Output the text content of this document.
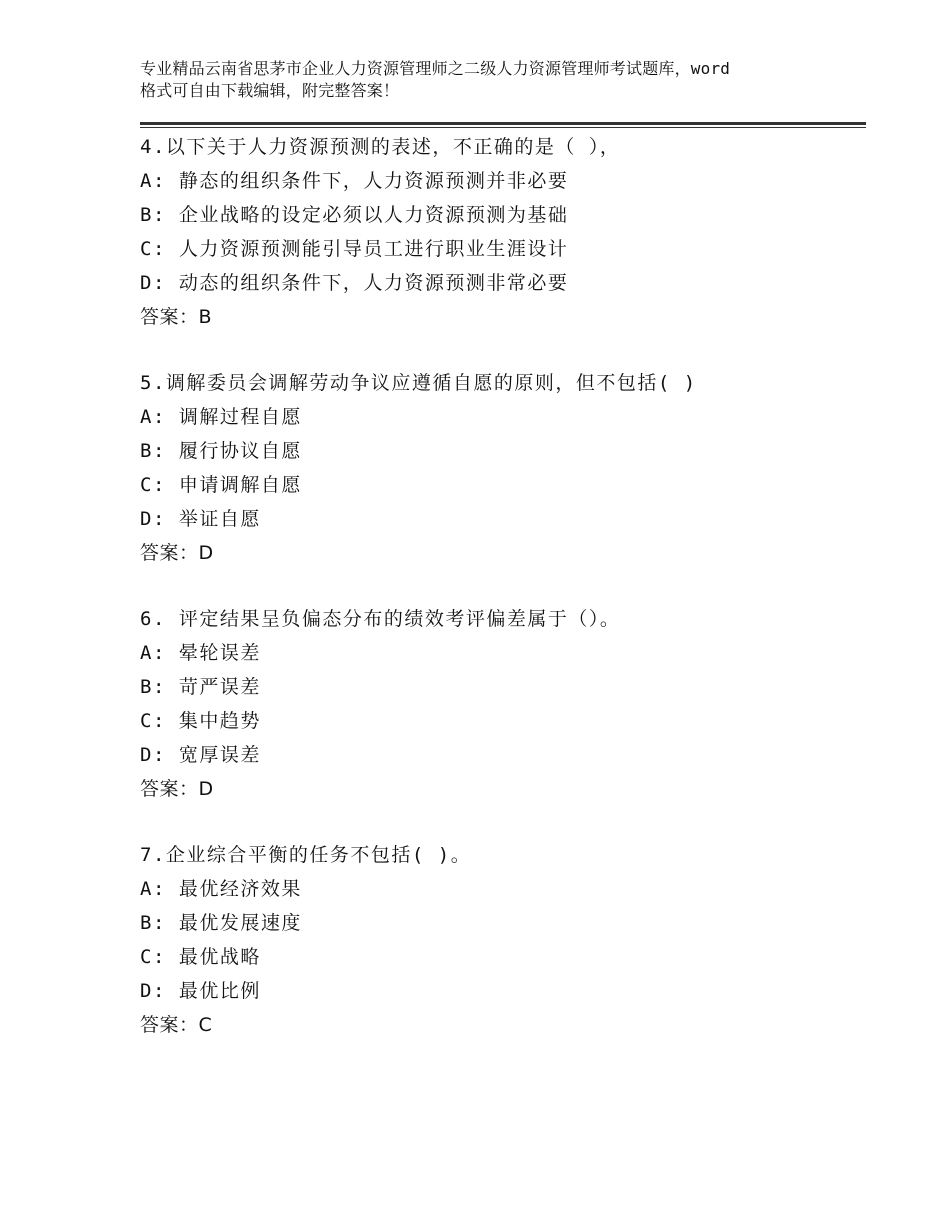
专业精品云南省思茅市企业人力资源管理师之二级人力资源管理师考试题库，word
格式可自由下载编辑，附完整答案！
4.以下关于人力资源预测的表述，不正确的是（ ），
A: 静态的组织条件下，人力资源预测并非必要
B: 企业战略的设定必须以人力资源预测为基础
C: 人力资源预测能引导员工进行职业生涯设计
D: 动态的组织条件下，人力资源预测非常必要
答案：B
5.调解委员会调解劳动争议应遵循自愿的原则，但不包括( )
A: 调解过程自愿
B: 履行协议自愿
C: 申请调解自愿
D: 举证自愿
答案：D
6. 评定结果呈负偏态分布的绩效考评偏差属于（）。
A: 晕轮误差
B: 苛严误差
C: 集中趋势
D: 宽厚误差
答案：D
7.企业综合平衡的任务不包括( )。
A: 最优经济效果
B: 最优发展速度
C: 最优战略
D: 最优比例
答案：C
